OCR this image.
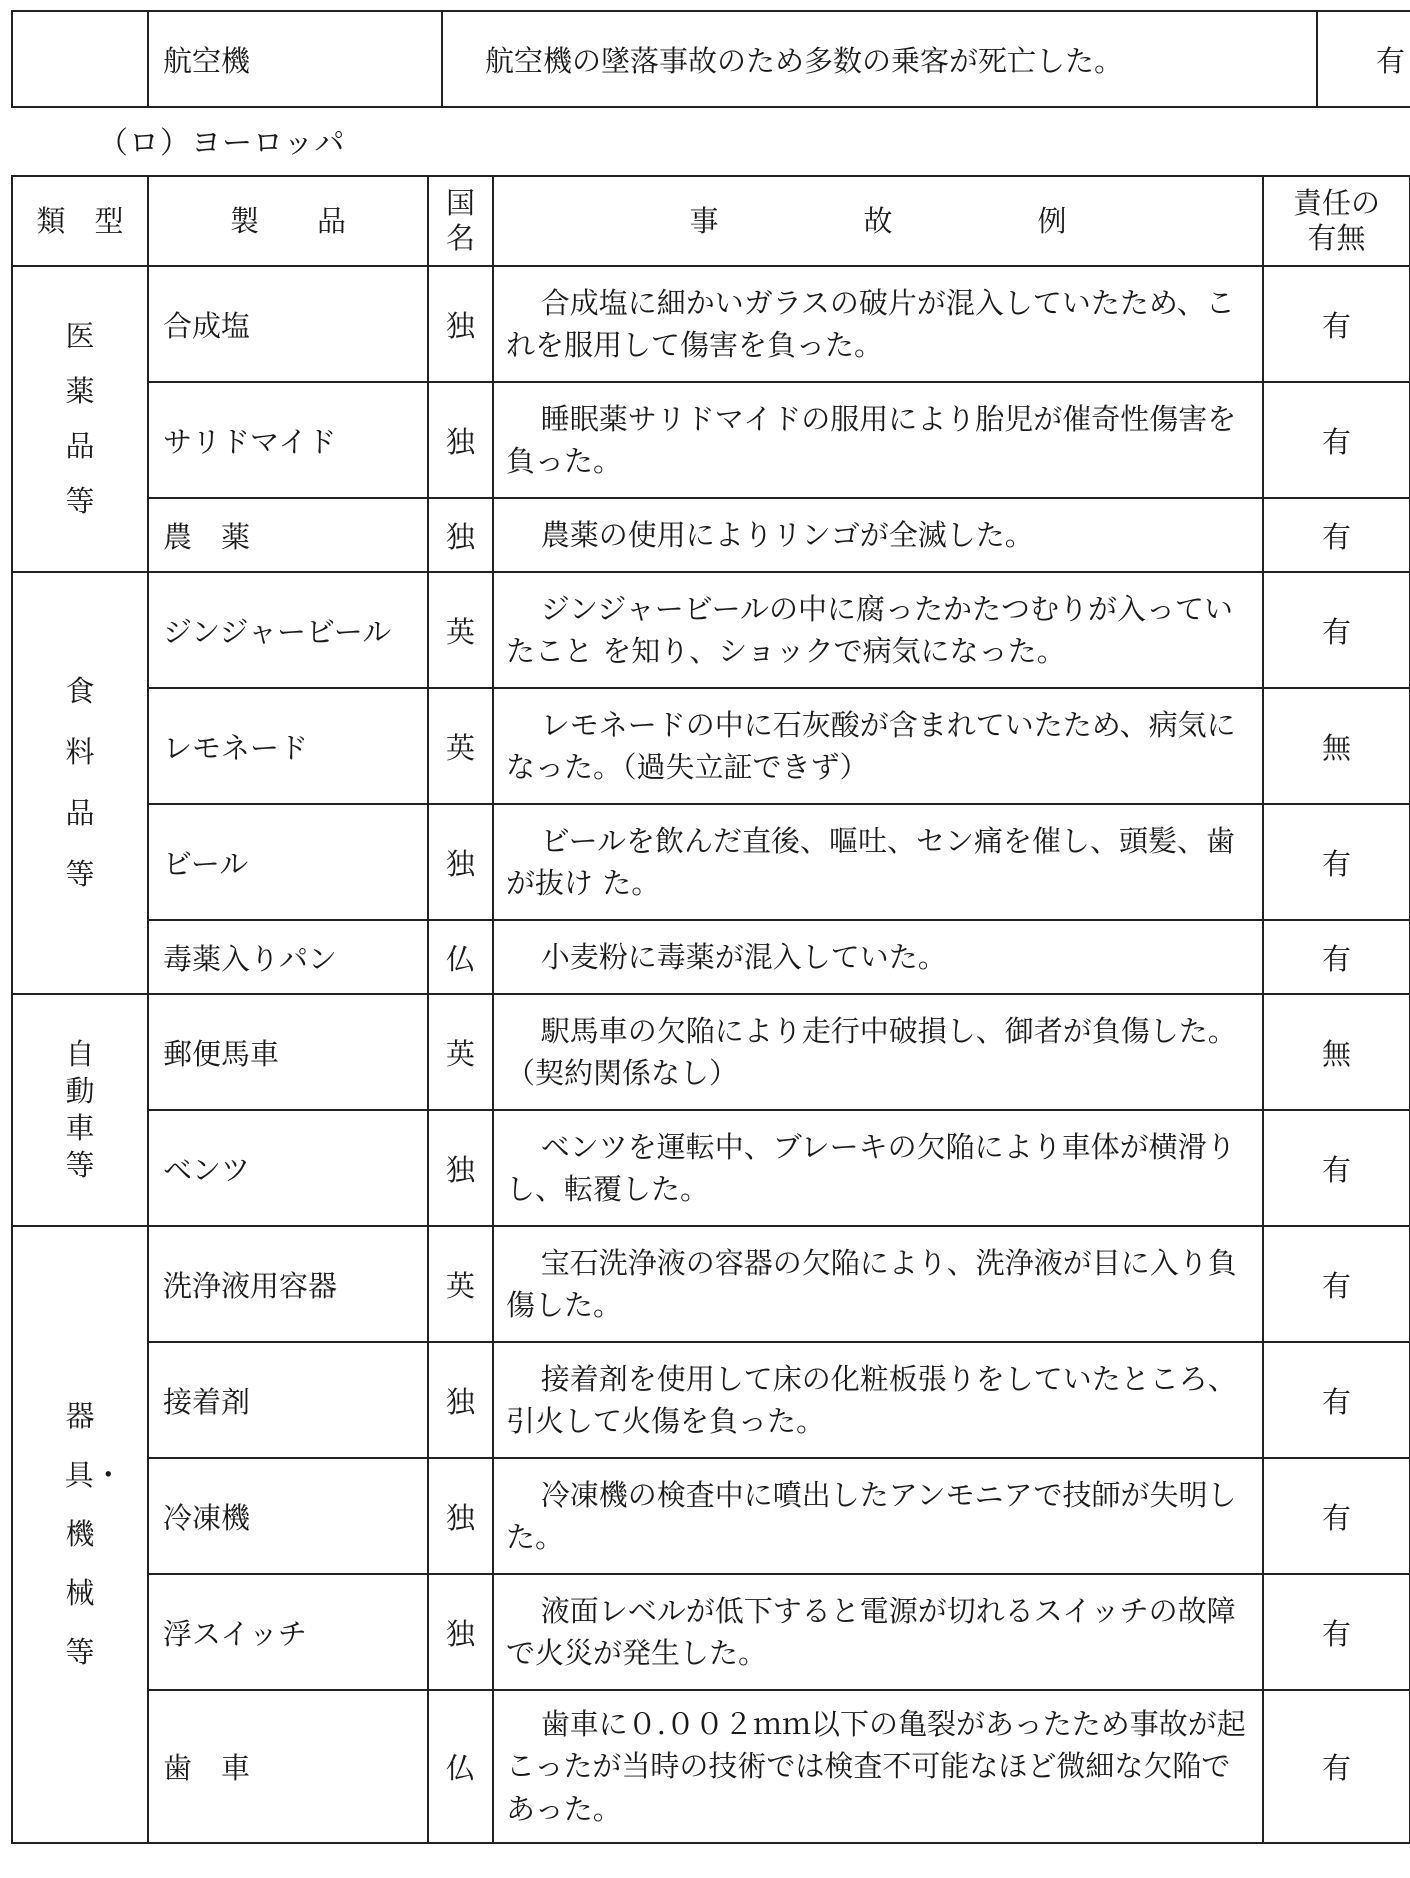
	航空機	航空機の墜落事故のため多数の乗客が死亡した。	有
（ロ）ヨーロッパ
類　型	製　　品	国名	事　　　　　故　　　　　例	責任の有無
医薬品等	合成塩	独	合成塩に細かいガラスの破片が混入していたため、これを服用して傷害を負った。	有
	サリドマイド	独	睡眠薬サリドマイドの服用により胎児が催奇性傷害を負った。	有
	農　薬	独	農薬の使用によりリンゴが全滅した。	有
食料品等	ジンジャービール	英	ジンジャービールの中に腐ったかたつむりが入っていたこと を知り、ショックで病気になった。	有
	レモネード	英	レモネードの中に石灰酸が含まれていたため、病気になった。（過失立証できず）	無
	ビール	独	ビールを飲んだ直後、嘔吐、セン痛を催し、頭髪、歯が抜け た。	有
	毒薬入りパン	仏	小麦粉に毒薬が混入していた。	有
自動車等	郵便馬車	英	駅馬車の欠陥により走行中破損し、御者が負傷した。（契約関係なし）	無
	ベンツ	独	ベンツを運転中、ブレーキの欠陥により車体が横滑りし、転覆した。	有
器具・機械等	洗浄液用容器	英	宝石洗浄液の容器の欠陥により、洗浄液が目に入り負傷した。	有
	接着剤	独	接着剤を使用して床の化粧板張りをしていたところ、引火して火傷を負った。	有
	冷凍機	独	冷凍機の検査中に噴出したアンモニアで技師が失明した。	有
	浮スイッチ	独	液面レベルが低下すると電源が切れるスイッチの故障で火災が発生した。	有
	歯　車	仏	歯車に０.００２ｍｍ以下の亀裂があったため事故が起こったが当時の技術では検査不可能なほど微細な欠陥であった。	有
